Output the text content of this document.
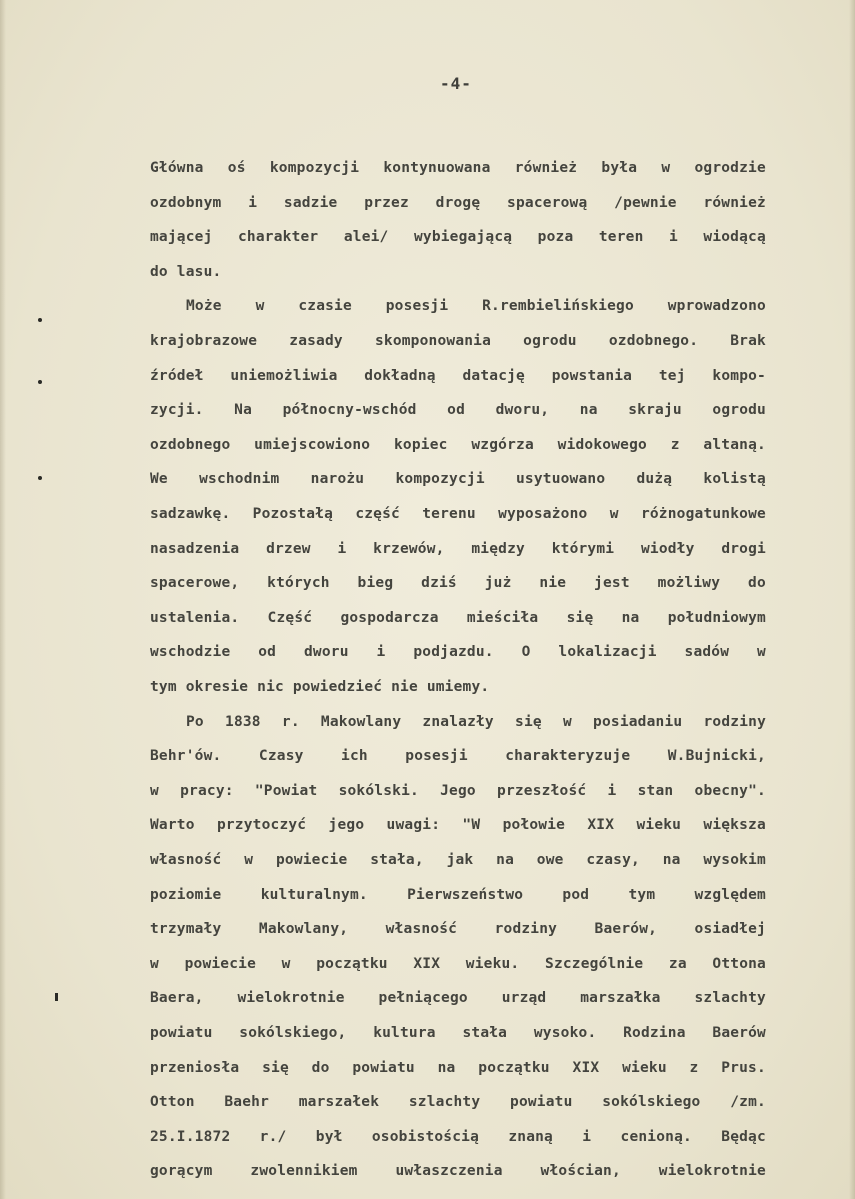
-4-
Główna oś kompozycji kontynuowana również była w ogrodzie
ozdobnym i sadzie przez drogę spacerową /pewnie również
mającej charakter alei/ wybiegającą poza teren i wiodącą
do lasu.
Może w czasie posesji R.rembielińskiego wprowadzono
krajobrazowe zasady skomponowania ogrodu ozdobnego. Brak
źródeł uniemożliwia dokładną datację powstania tej kompo-
zycji. Na północny-wschód od dworu, na skraju ogrodu
ozdobnego umiejscowiono kopiec wzgórza widokowego z altaną.
We wschodnim narożu kompozycji usytuowano dużą kolistą
sadzawkę. Pozostałą część terenu wyposażono w różnogatunkowe
nasadzenia drzew i krzewów, między którymi wiodły drogi
spacerowe, których bieg dziś już nie jest możliwy do
ustalenia. Część gospodarcza mieściła się na południowym
wschodzie od dworu i podjazdu. O lokalizacji sadów w
tym okresie nic powiedzieć nie umiemy.
Po 1838 r. Makowlany znalazły się w posiadaniu rodziny
Behr'ów.	Czasy	ich	posesji	charakteryzuje	W.Bujnicki,
w pracy: "Powiat sokólski. Jego przeszłość i stan obecny".
Warto przytoczyć jego uwagi: "W połowie XIX wieku większa
własność w powiecie stała, jak na owe czasy, na wysokim
poziomie	kulturalnym.	Pierwszeństwo	pod	tym	względem
trzymały	Makowlany,	własność	rodziny	Baerów,	osiadłej
w powiecie w początku XIX wieku. Szczególnie za Ottona
Baera, wielokrotnie pełniącego urząd marszałka szlachty
powiatu sokólskiego, kultura stała wysoko. Rodzina Baerów
przeniosła się do powiatu na początku XIX wieku z Prus.
Otton Baehr marszałek szlachty powiatu sokólskiego /zm.
25.I.1872 r./ był osobistością znaną i cenioną. Będąc
gorącym	zwolennikiem	uwłaszczenia	włościan,	wielokrotnie
